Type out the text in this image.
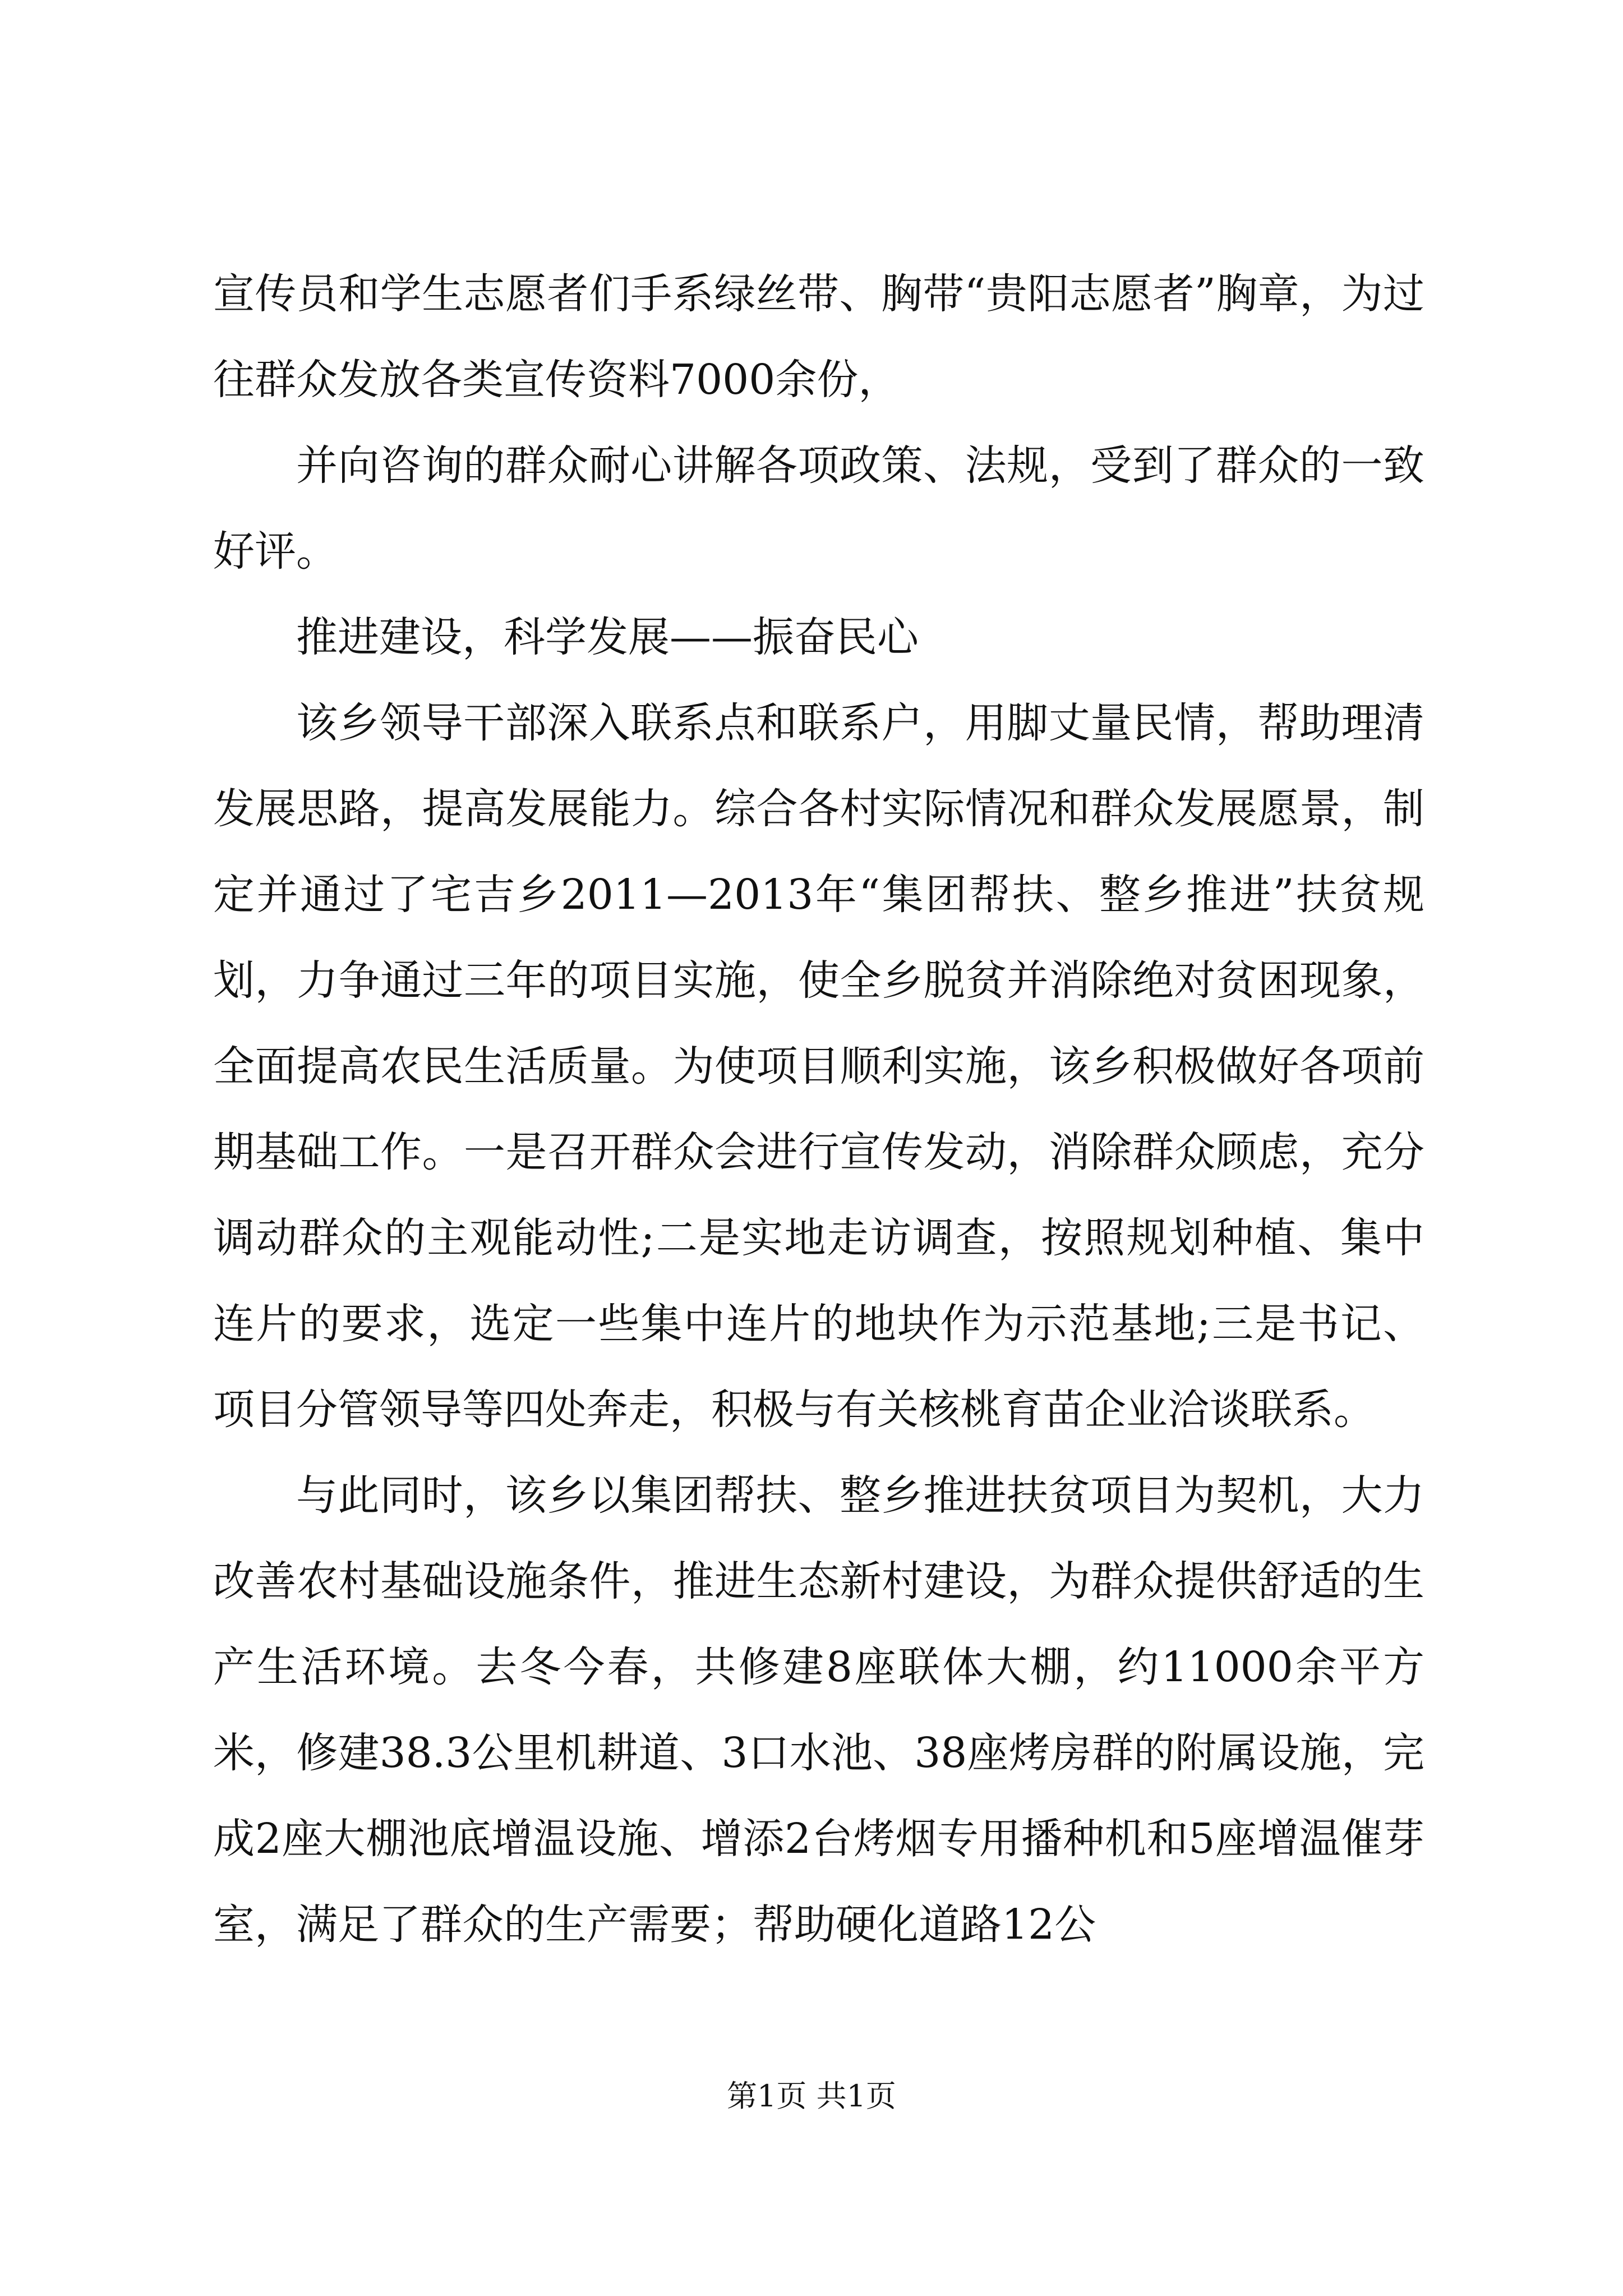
宣传员和学生志愿者们手系绿丝带、胸带“贵阳志愿者”胸章，为过往群众发放各类宣传资料7000余份，

并向咨询的群众耐心讲解各项政策、法规，受到了群众的一致好评。

推进建设，科学发展——振奋民心

该乡领导干部深入联系点和联系户，用脚丈量民情，帮助理清发展思路，提高发展能力。综合各村实际情况和群众发展愿景，制定并通过了宅吉乡2011—2013年“集团帮扶、整乡推进”扶贫规划，力争通过三年的项目实施，使全乡脱贫并消除绝对贫困现象，全面提高农民生活质量。为使项目顺利实施，该乡积极做好各项前期基础工作。一是召开群众会进行宣传发动，消除群众顾虑，充分调动群众的主观能动性;二是实地走访调查，按照规划种植、集中连片的要求，选定一些集中连片的地块作为示范基地;三是书记、项目分管领导等四处奔走，积极与有关核桃育苗企业洽谈联系。

与此同时，该乡以集团帮扶、整乡推进扶贫项目为契机，大力改善农村基础设施条件，推进生态新村建设，为群众提供舒适的生产生活环境。去冬今春，共修建8座联体大棚，约11000余平方米，修建38.3公里机耕道、3口水池、38座烤房群的附属设施，完成2座大棚池底增温设施、增添2台烤烟专用播种机和5座增温催芽室，满足了群众的生产需要；帮助硬化道路12公

第1页 共1页
